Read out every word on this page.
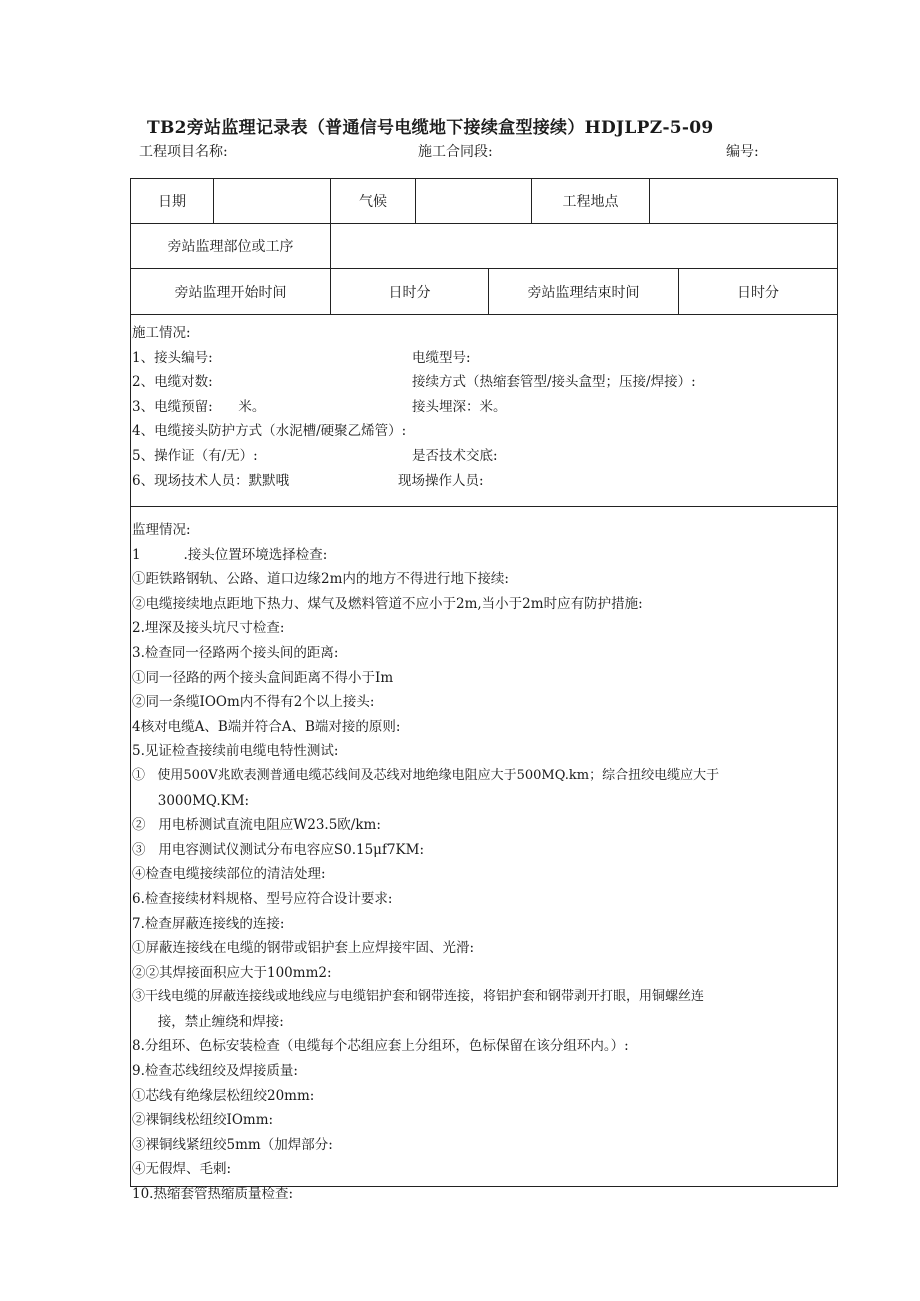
TB2旁站监理记录表（普通信号电缆地下接续盒型接续）HDJLPZ-5-09
工程项目名称:	施工合同段:	编号:
日期	气候	工程地点
旁站监理部位或工序
旁站监理开始时间	日时分	旁站监理结束时间	日时分
施工情况:
1、接头编号:	电缆型号:
2、电缆对数:	接续方式（热缩套管型/接头盒型；压接/焊接）:
3、电缆预留:      米。	接头埋深：米。
4、电缆接头防护方式（水泥槽/硬聚乙烯管）:
5、操作证（有/无）:	是否技术交底:
6、现场技术人员：默默哦	现场操作人员:
监理情况:
1          .接头位置环境选择检查:
①距铁路钢轨、公路、道口边缘2m内的地方不得进行地下接续:
②电缆接续地点距地下热力、煤气及燃料管道不应小于2m,当小于2m时应有防护措施:
2.埋深及接头坑尺寸检查:
3.检查同一径路两个接头间的距离:
①同一径路的两个接头盒间距离不得小于Im
②同一条缆IOOm内不得有2个以上接头:
4核对电缆A、B端并符合A、B端对接的原则:
5.见证检查接续前电缆电特性测试:
①   使用500V兆欧表测普通电缆芯线间及芯线对地绝缘电阻应大于500MQ.km；综合扭绞电缆应大于
3000MQ.KM:
②   用电桥测试直流电阻应W23.5欧/km:
③   用电容测试仪测试分布电容应S0.15μf7KM:
④检查电缆接续部位的清洁处理:
6.检查接续材料规格、型号应符合设计要求:
7.检查屏蔽连接线的连接:
①屏蔽连接线在电缆的钢带或铝护套上应焊接牢固、光滑:
②②其焊接面积应大于100mm2:
③干线电缆的屏蔽连接线或地线应与电缆铝护套和钢带连接，将铝护套和钢带剥开打眼，用铜螺丝连
接，禁止缠绕和焊接:
8.分组环、色标安装检查（电缆每个芯组应套上分组环，色标保留在该分组环内。）:
9.检查芯线纽绞及焊接质量:
①芯线有绝缘层松纽绞20mm:
②裸铜线松纽绞IOmm:
③裸铜线紧纽绞5mm（加焊部分:
④无假焊、毛刺:
10.热缩套管热缩质量检查:
